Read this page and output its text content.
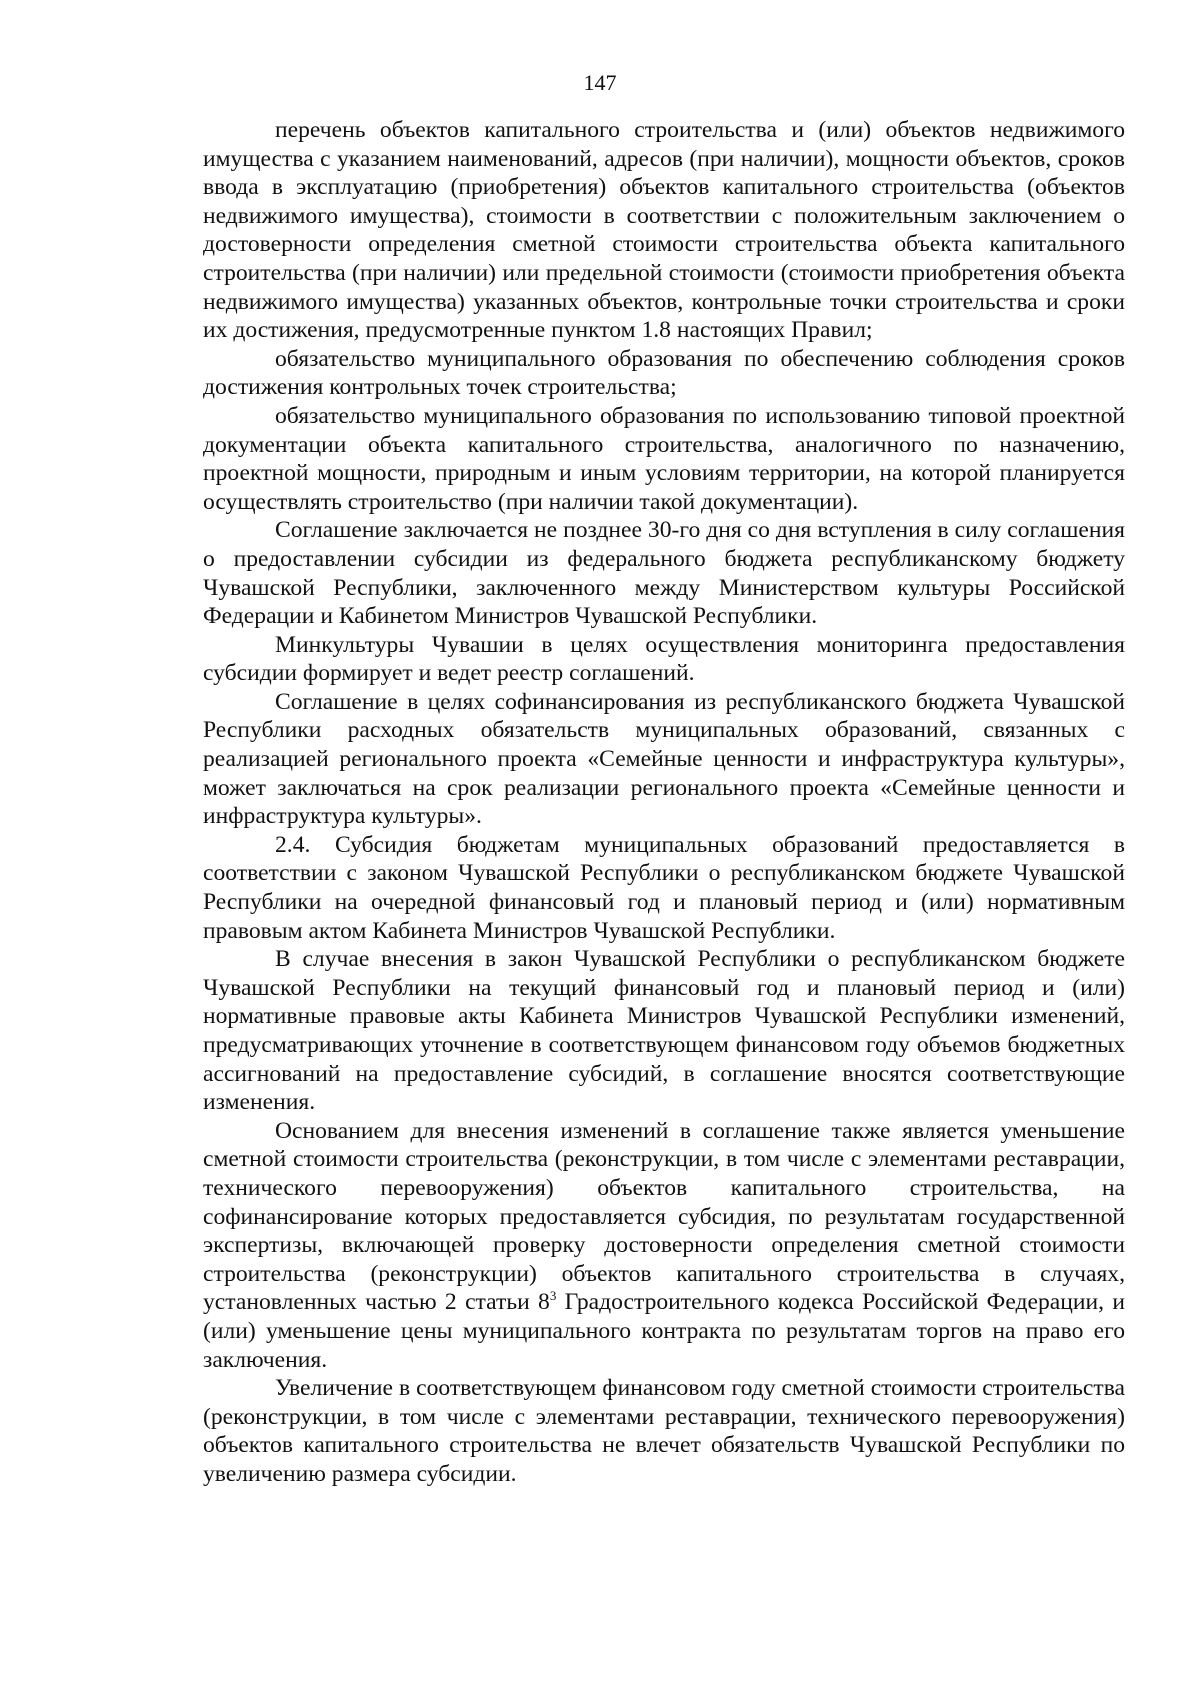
147

перечень объектов капитального строительства и (или) объектов недвижимого имущества с указанием наименований, адресов (при наличии), мощности объектов, сроков ввода в эксплуатацию (приобретения) объектов капитального строительства (объектов недвижимого имущества), стоимости в соответствии с положительным заключением о достоверности определения сметной стоимости строительства объекта капитального строительства (при наличии) или предельной стоимости (стоимости приобретения объекта недвижимого имущества) указанных объектов, контрольные точки строительства и сроки их достижения, предусмотренные пунктом 1.8 настоящих Правил;

обязательство муниципального образования по обеспечению соблюдения сроков достижения контрольных точек строительства;

обязательство муниципального образования по использованию типовой проектной документации объекта капитального строительства, аналогичного по назначению, проектной мощности, природным и иным условиям территории, на которой планируется осуществлять строительство (при наличии такой документации).

Соглашение заключается не позднее 30-го дня со дня вступления в силу соглашения о предоставлении субсидии из федерального бюджета республиканскому бюджету Чувашской Республики, заключенного между Министерством культуры Российской Федерации и Кабинетом Министров Чувашской Республики.

Минкультуры Чувашии в целях осуществления мониторинга предоставления субсидии формирует и ведет реестр соглашений.

Соглашение в целях софинансирования из республиканского бюджета Чувашской Республики расходных обязательств муниципальных образований, связанных с реализацией регионального проекта «Семейные ценности и инфраструктура культуры», может заключаться на срок реализации регионального проекта «Семейные ценности и инфраструктура культуры».

2.4. Субсидия бюджетам муниципальных образований предоставляется в соответствии с законом Чувашской Республики о республиканском бюджете Чувашской Республики на очередной финансовый год и плановый период и (или) нормативным правовым актом Кабинета Министров Чувашской Республики.

В случае внесения в закон Чувашской Республики о республиканском бюджете Чувашской Республики на текущий финансовый год и плановый период и (или) нормативные правовые акты Кабинета Министров Чувашской Республики изменений, предусматривающих уточнение в соответствующем финансовом году объемов бюджетных ассигнований на предоставление субсидий, в соглашение вносятся соответствующие изменения.

Основанием для внесения изменений в соглашение также является уменьшение сметной стоимости строительства (реконструкции, в том числе с элементами реставрации, технического перевооружения) объектов капитального строительства, на софинансирование которых предоставляется субсидия, по результатам государственной экспертизы, включающей проверку достоверности определения сметной стоимости строительства (реконструкции) объектов капитального строительства в случаях, установленных частью 2 статьи $8^3$ Градостроительного кодекса Российской Федерации, и (или) уменьшение цены муниципального контракта по результатам торгов на право его заключения.

Увеличение в соответствующем финансовом году сметной стоимости строительства (реконструкции, в том числе с элементами реставрации, технического перевооружения) объектов капитального строительства не влечет обязательств Чувашской Республики по увеличению размера субсидии.
